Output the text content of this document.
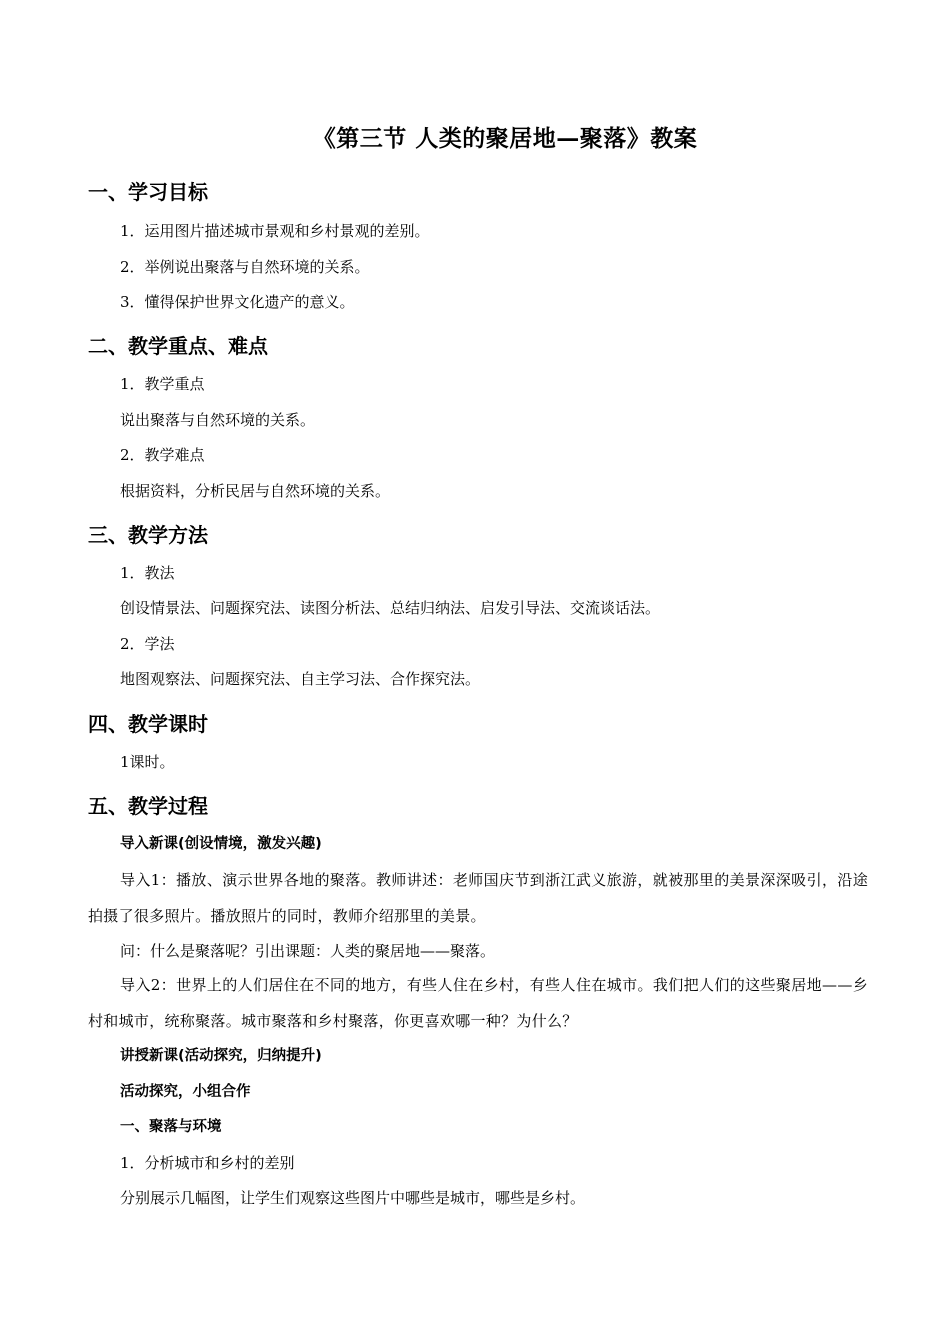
《第三节 人类的聚居地—聚落》教案
一、学习目标
1．运用图片描述城市景观和乡村景观的差别。
2．举例说出聚落与自然环境的关系。
3．懂得保护世界文化遗产的意义。
二、教学重点、难点
1．教学重点
说出聚落与自然环境的关系。
2．教学难点
根据资料，分析民居与自然环境的关系。
三、教学方法
1．教法
创设情景法、问题探究法、读图分析法、总结归纳法、启发引导法、交流谈话法。
2．学法
地图观察法、问题探究法、自主学习法、合作探究法。
四、教学课时
1课时。
五、教学过程
导入新课(创设情境，激发兴趣)
导入1：播放、演示世界各地的聚落。教师讲述：老师国庆节到浙江武义旅游，就被那里的美景深深吸引，沿途拍摄了很多照片。播放照片的同时，教师介绍那里的美景。
问：什么是聚落呢？引出课题：人类的聚居地——聚落。
导入2：世界上的人们居住在不同的地方，有些人住在乡村，有些人住在城市。我们把人们的这些聚居地——乡村和城市，统称聚落。城市聚落和乡村聚落，你更喜欢哪一种？为什么？
讲授新课(活动探究，归纳提升)
活动探究，小组合作
一、聚落与环境
1．分析城市和乡村的差别
分别展示几幅图，让学生们观察这些图片中哪些是城市，哪些是乡村。
